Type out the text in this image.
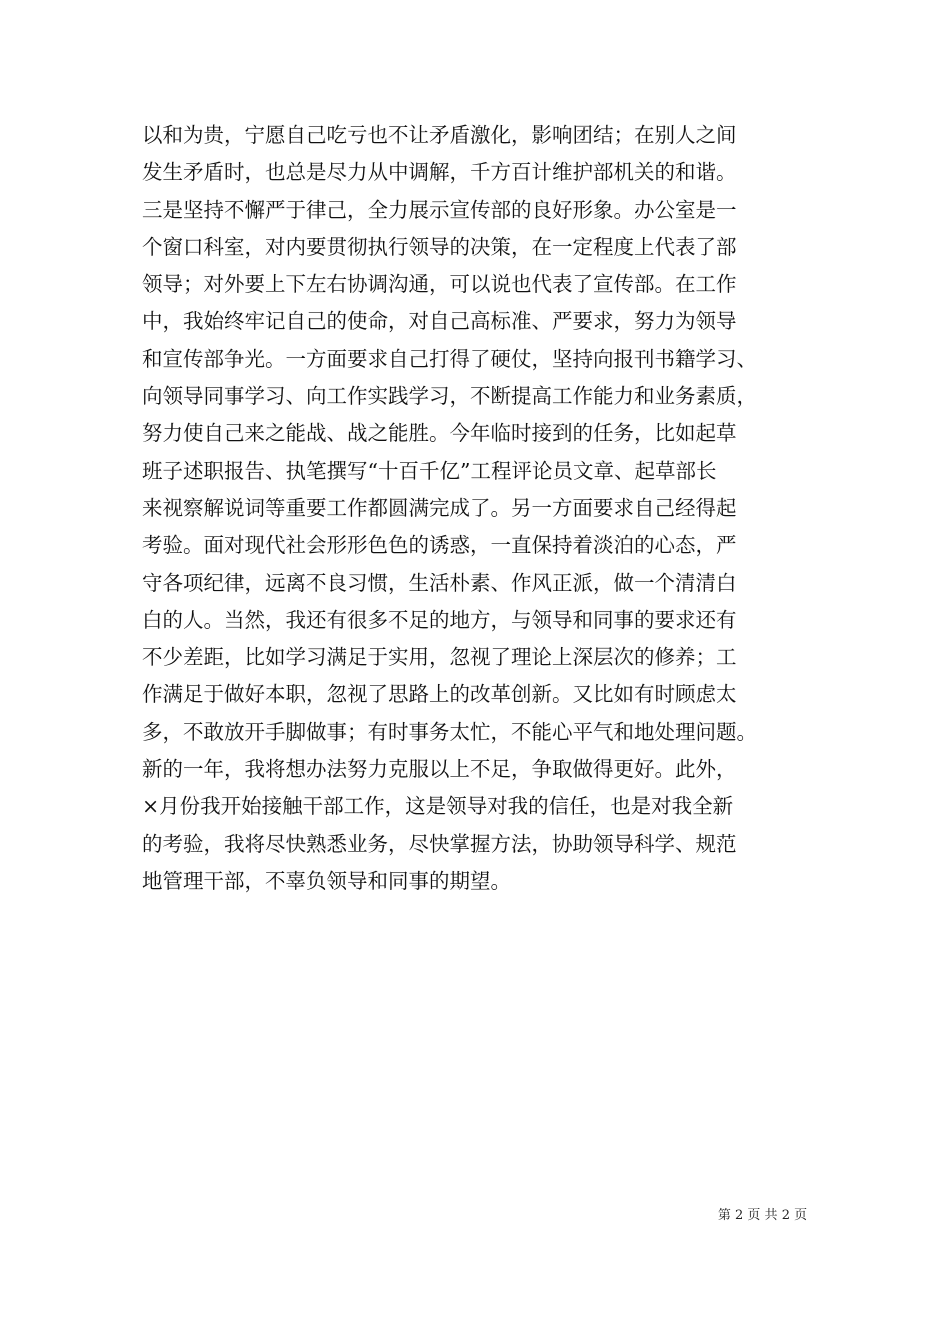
以和为贵，宁愿自己吃亏也不让矛盾激化，影响团结；在别人之间
发生矛盾时，也总是尽力从中调解，千方百计维护部机关的和谐。
三是坚持不懈严于律己，全力展示宣传部的良好形象。办公室是一
个窗口科室，对内要贯彻执行领导的决策，在一定程度上代表了部
领导；对外要上下左右协调沟通，可以说也代表了宣传部。在工作
中，我始终牢记自己的使命，对自己高标准、严要求，努力为领导
和宣传部争光。一方面要求自己打得了硬仗，坚持向报刊书籍学习、
向领导同事学习、向工作实践学习，不断提高工作能力和业务素质，
努力使自己来之能战、战之能胜。今年临时接到的任务，比如起草
班子述职报告、执笔撰写“十百千亿”工程评论员文章、起草部长
来视察解说词等重要工作都圆满完成了。另一方面要求自己经得起
考验。面对现代社会形形色色的诱惑，一直保持着淡泊的心态，严
守各项纪律，远离不良习惯，生活朴素、作风正派，做一个清清白
白的人。当然，我还有很多不足的地方，与领导和同事的要求还有
不少差距，比如学习满足于实用，忽视了理论上深层次的修养；工
作满足于做好本职，忽视了思路上的改革创新。又比如有时顾虑太
多，不敢放开手脚做事；有时事务太忙，不能心平气和地处理问题。
新的一年，我将想办法努力克服以上不足，争取做得更好。此外，
×月份我开始接触干部工作，这是领导对我的信任，也是对我全新
的考验，我将尽快熟悉业务，尽快掌握方法，协助领导科学、规范
地管理干部，不辜负领导和同事的期望。
第 2 页 共 2 页
